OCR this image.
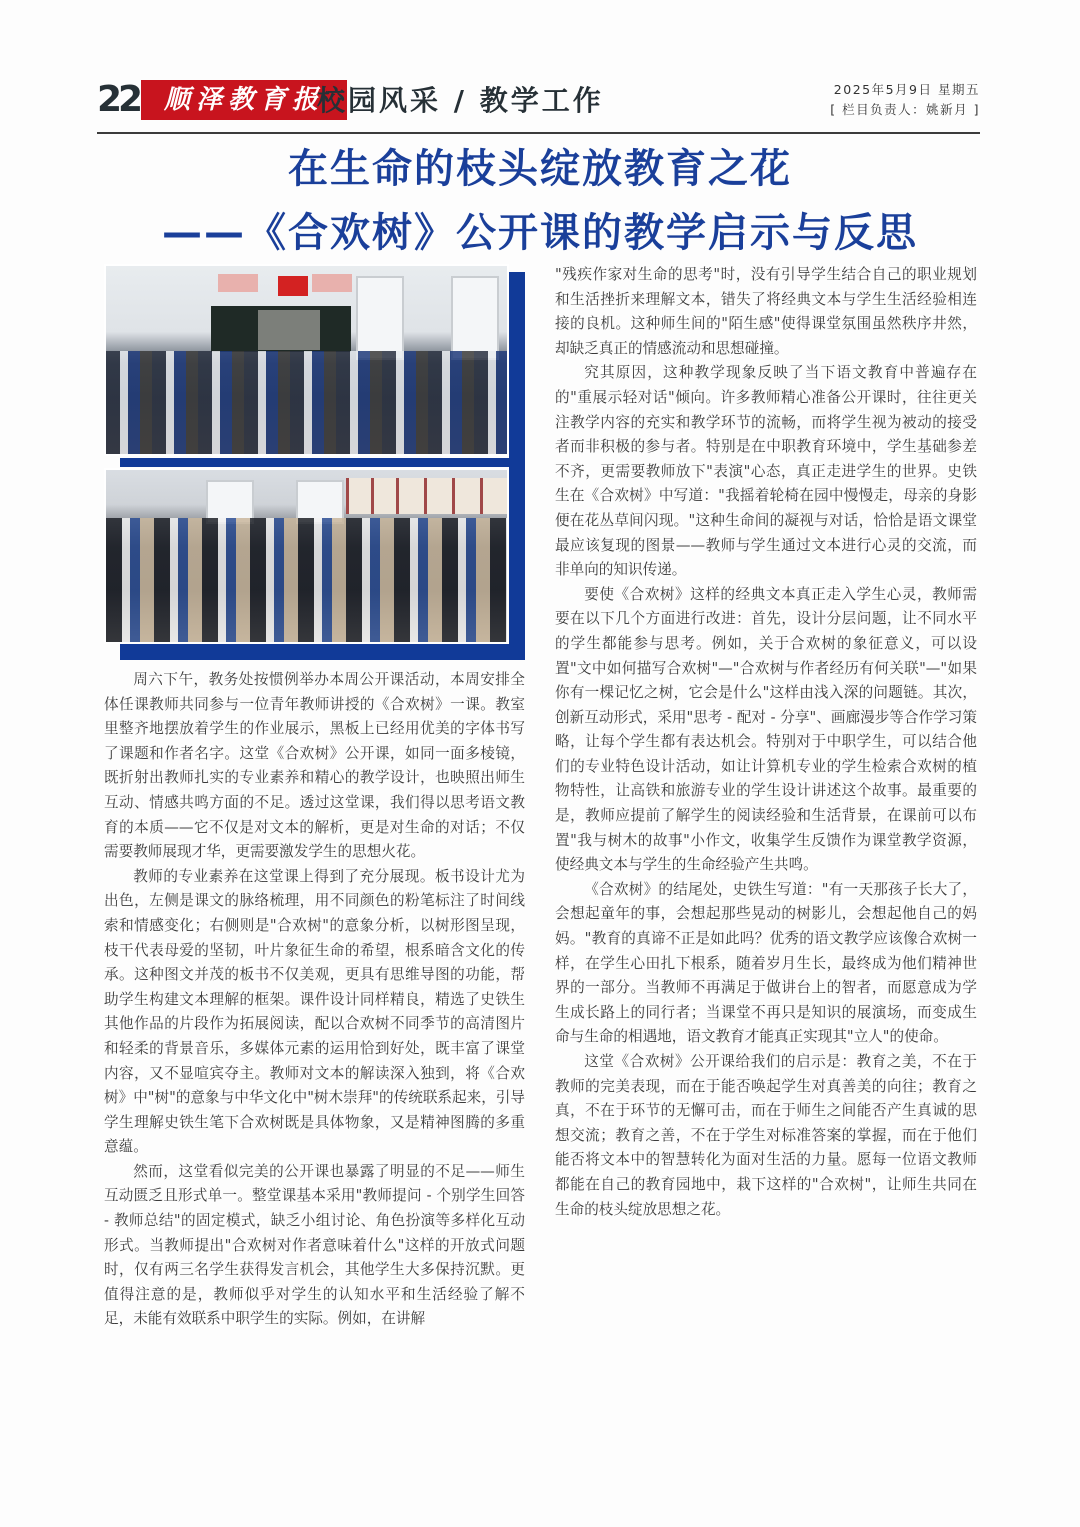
22 顺泽教育报
校园风采 / 教学工作	2025年5月9日 星期五
[ 栏目负责人：姚新月 ]
在生命的枝头绽放教育之花
——《合欢树》公开课的教学启示与反思

周六下午，教务处按惯例举办本周公开课活动，本周安排全体任课教师共同参与一位青年教师讲授的《合欢树》一课。教室里整齐地摆放着学生的作业展示，黑板上已经用优美的字体书写了课题和作者名字。这堂《合欢树》公开课，如同一面多棱镜，既折射出教师扎实的专业素养和精心的教学设计，也映照出师生互动、情感共鸣方面的不足。透过这堂课，我们得以思考语文教育的本质——它不仅是对文本的解析，更是对生命的对话；不仅需要教师展现才华，更需要激发学生的思想火花。

教师的专业素养在这堂课上得到了充分展现。板书设计尤为出色，左侧是课文的脉络梳理，用不同颜色的粉笔标注了时间线索和情感变化；右侧则是"合欢树"的意象分析，以树形图呈现，枝干代表母爱的坚韧，叶片象征生命的希望，根系暗含文化的传承。这种图文并茂的板书不仅美观，更具有思维导图的功能，帮助学生构建文本理解的框架。课件设计同样精良，精选了史铁生其他作品的片段作为拓展阅读，配以合欢树不同季节的高清图片和轻柔的背景音乐，多媒体元素的运用恰到好处，既丰富了课堂内容，又不显喧宾夺主。教师对文本的解读深入独到，将《合欢树》中"树"的意象与中华文化中"树木崇拜"的传统联系起来，引导学生理解史铁生笔下合欢树既是具体物象，又是精神图腾的多重意蕴。

然而，这堂看似完美的公开课也暴露了明显的不足——师生互动匮乏且形式单一。整堂课基本采用"教师提问 - 个别学生回答 - 教师总结"的固定模式，缺乏小组讨论、角色扮演等多样化互动形式。当教师提出"合欢树对作者意味着什么"这样的开放式问题时，仅有两三名学生获得发言机会，其他学生大多保持沉默。更值得注意的是，教师似乎对学生的认知水平和生活经验了解不足，未能有效联系中职学生的实际。例如，在讲解

"残疾作家对生命的思考"时，没有引导学生结合自己的职业规划和生活挫折来理解文本，错失了将经典文本与学生生活经验相连接的良机。这种师生间的"陌生感"使得课堂氛围虽然秩序井然，却缺乏真正的情感流动和思想碰撞。

究其原因，这种教学现象反映了当下语文教育中普遍存在的"重展示轻对话"倾向。许多教师精心准备公开课时，往往更关注教学内容的充实和教学环节的流畅，而将学生视为被动的接受者而非积极的参与者。特别是在中职教育环境中，学生基础参差不齐，更需要教师放下"表演"心态，真正走进学生的世界。史铁生在《合欢树》中写道："我摇着轮椅在园中慢慢走，母亲的身影便在花丛草间闪现。"这种生命间的凝视与对话，恰恰是语文课堂最应该复现的图景——教师与学生通过文本进行心灵的交流，而非单向的知识传递。

要使《合欢树》这样的经典文本真正走入学生心灵，教师需要在以下几个方面进行改进：首先，设计分层问题，让不同水平的学生都能参与思考。例如，关于合欢树的象征意义，可以设置"文中如何描写合欢树"—"合欢树与作者经历有何关联"—"如果你有一棵记忆之树，它会是什么"这样由浅入深的问题链。其次，创新互动形式，采用"思考 - 配对 - 分享"、画廊漫步等合作学习策略，让每个学生都有表达机会。特别对于中职学生，可以结合他们的专业特色设计活动，如让计算机专业的学生检索合欢树的植物特性，让高铁和旅游专业的学生设计讲述这个故事。最重要的是，教师应提前了解学生的阅读经验和生活背景，在课前可以布置"我与树木的故事"小作文，收集学生反馈作为课堂教学资源，使经典文本与学生的生命经验产生共鸣。

《合欢树》的结尾处，史铁生写道："有一天那孩子长大了，会想起童年的事，会想起那些晃动的树影儿，会想起他自己的妈妈。"教育的真谛不正是如此吗？优秀的语文教学应该像合欢树一样，在学生心田扎下根系，随着岁月生长，最终成为他们精神世界的一部分。当教师不再满足于做讲台上的智者，而愿意成为学生成长路上的同行者；当课堂不再只是知识的展演场，而变成生命与生命的相遇地，语文教育才能真正实现其"立人"的使命。

这堂《合欢树》公开课给我们的启示是：教育之美，不在于教师的完美表现，而在于能否唤起学生对真善美的向往；教育之真，不在于环节的无懈可击，而在于师生之间能否产生真诚的思想交流；教育之善，不在于学生对标准答案的掌握，而在于他们能否将文本中的智慧转化为面对生活的力量。愿每一位语文教师都能在自己的教育园地中，栽下这样的"合欢树"，让师生共同在生命的枝头绽放思想之花。
